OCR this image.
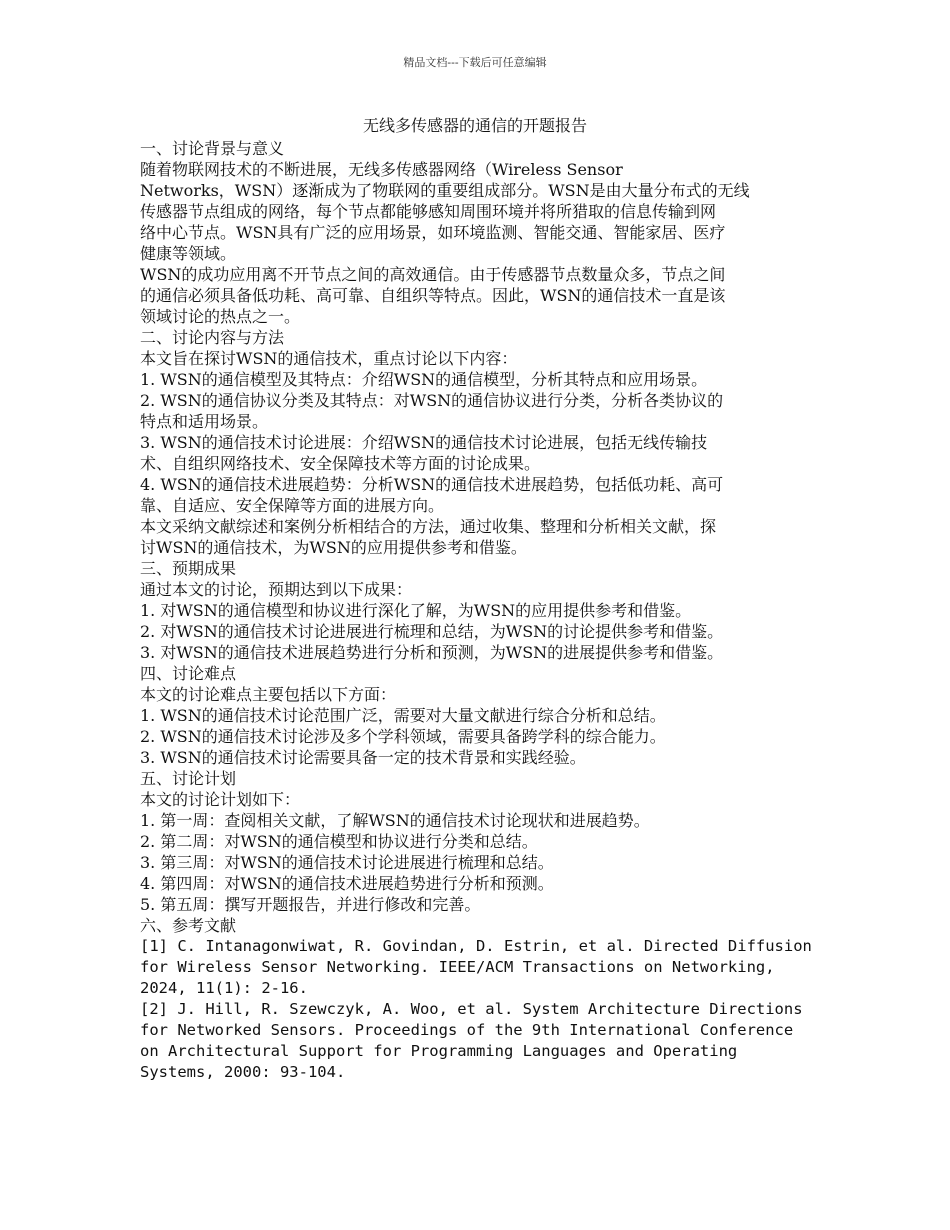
精品文档---下载后可任意编辑
无线多传感器的通信的开题报告

一、讨论背景与意义

随着物联网技术的不断进展，无线多传感器网络（Wireless Sensor
Networks，WSN）逐渐成为了物联网的重要组成部分。WSN是由大量分布式的无线
传感器节点组成的网络，每个节点都能够感知周围环境并将所猎取的信息传输到网
络中心节点。WSN具有广泛的应用场景，如环境监测、智能交通、智能家居、医疗
健康等领域。

WSN的成功应用离不开节点之间的高效通信。由于传感器节点数量众多，节点之间
的通信必须具备低功耗、高可靠、自组织等特点。因此，WSN的通信技术一直是该
领域讨论的热点之一。

二、讨论内容与方法

本文旨在探讨WSN的通信技术，重点讨论以下内容：

1. WSN的通信模型及其特点：介绍WSN的通信模型，分析其特点和应用场景。

2. WSN的通信协议分类及其特点：对WSN的通信协议进行分类，分析各类协议的
特点和适用场景。

3. WSN的通信技术讨论进展：介绍WSN的通信技术讨论进展，包括无线传输技
术、自组织网络技术、安全保障技术等方面的讨论成果。

4. WSN的通信技术进展趋势：分析WSN的通信技术进展趋势，包括低功耗、高可
靠、自适应、安全保障等方面的进展方向。

本文采纳文献综述和案例分析相结合的方法，通过收集、整理和分析相关文献，探
讨WSN的通信技术，为WSN的应用提供参考和借鉴。

三、预期成果

通过本文的讨论，预期达到以下成果：

1. 对WSN的通信模型和协议进行深化了解，为WSN的应用提供参考和借鉴。

2. 对WSN的通信技术讨论进展进行梳理和总结，为WSN的讨论提供参考和借鉴。

3. 对WSN的通信技术进展趋势进行分析和预测，为WSN的进展提供参考和借鉴。

四、讨论难点

本文的讨论难点主要包括以下方面：

1. WSN的通信技术讨论范围广泛，需要对大量文献进行综合分析和总结。

2. WSN的通信技术讨论涉及多个学科领域，需要具备跨学科的综合能力。

3. WSN的通信技术讨论需要具备一定的技术背景和实践经验。

五、讨论计划

本文的讨论计划如下：

1. 第一周：查阅相关文献，了解WSN的通信技术讨论现状和进展趋势。

2. 第二周：对WSN的通信模型和协议进行分类和总结。

3. 第三周：对WSN的通信技术讨论进展进行梳理和总结。

4. 第四周：对WSN的通信技术进展趋势进行分析和预测。

5. 第五周：撰写开题报告，并进行修改和完善。

六、参考文献

[1] C. Intanagonwiwat, R. Govindan, D. Estrin, et al. Directed Diffusion
for Wireless Sensor Networking. IEEE/ACM Transactions on Networking,
2024, 11(1): 2-16.

[2] J. Hill, R. Szewczyk, A. Woo, et al. System Architecture Directions
for Networked Sensors. Proceedings of the 9th International Conference
on Architectural Support for Programming Languages and Operating
Systems, 2000: 93-104.
